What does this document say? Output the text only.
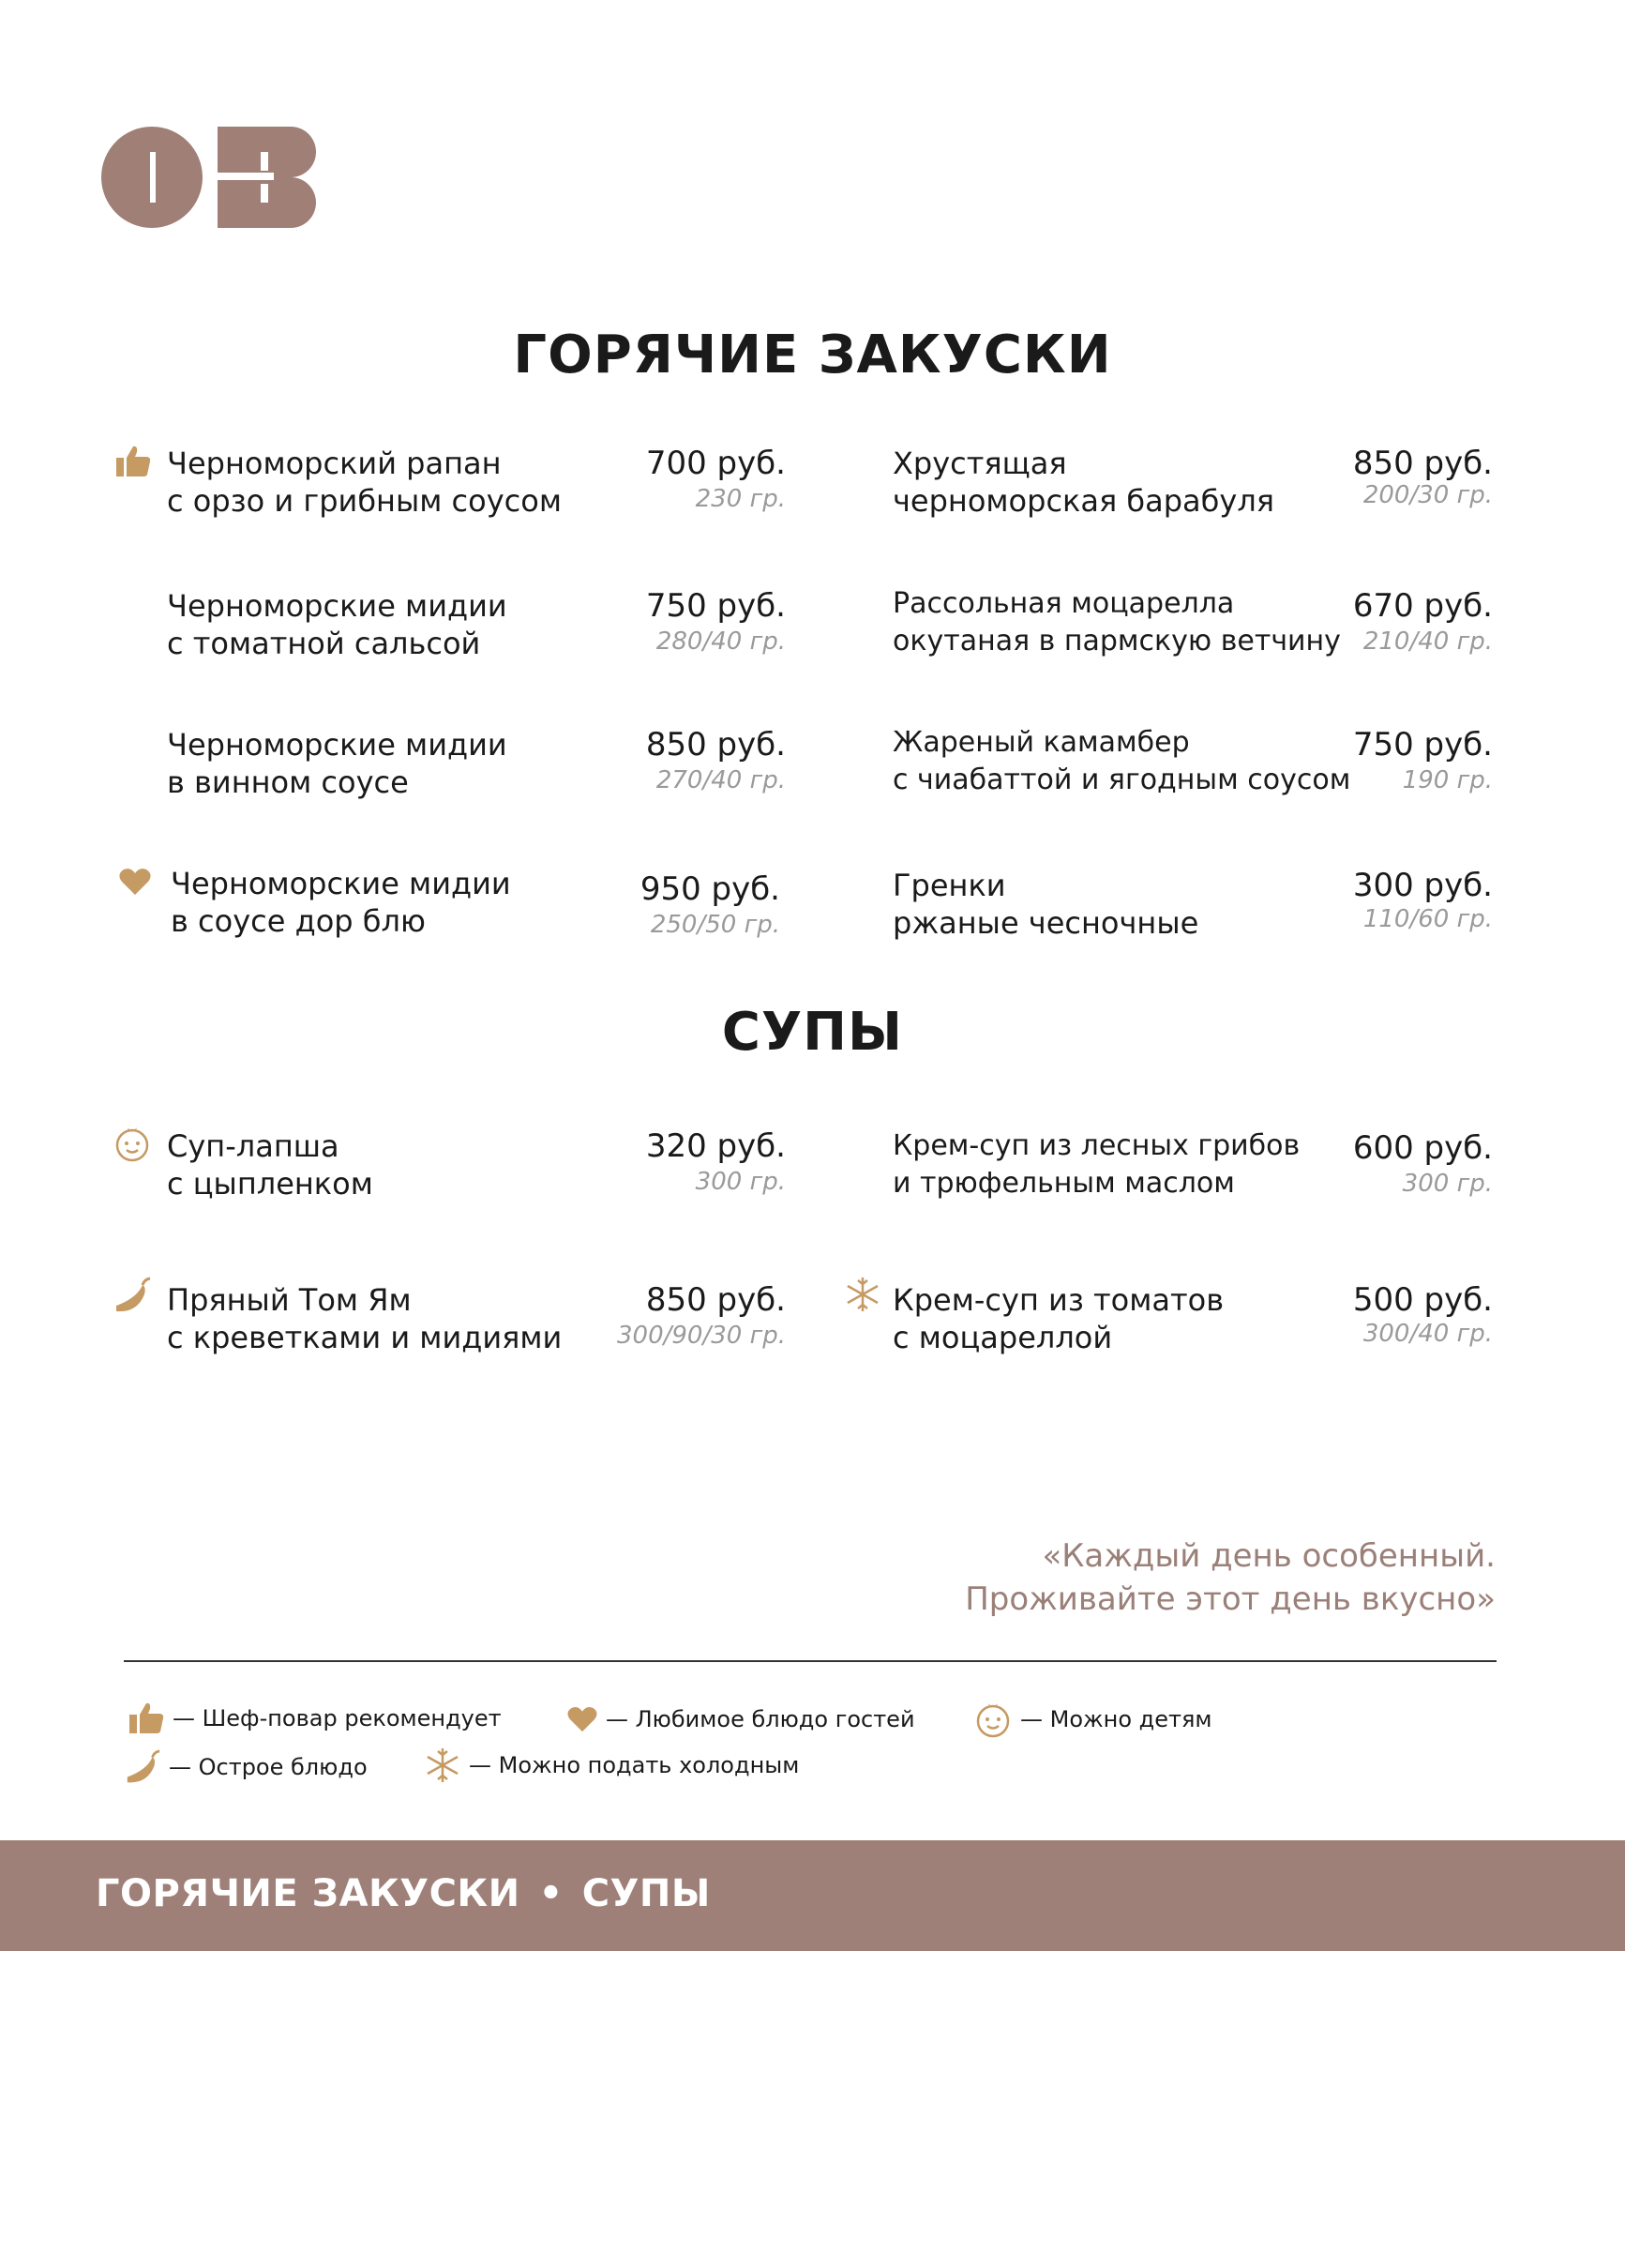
ГОРЯЧИЕ ЗАКУСКИ
Черноморский рапан
с орзо и грибным соусом
700 руб.
230 гр.
Хрустящая
черноморская барабуля
850 руб.
200/30 гр.
Черноморские мидии
с томатной сальсой
750 руб.
280/40 гр.
Рассольная моцарелла
окутаная в пармскую ветчину
670 руб.
210/40 гр.
Черноморские мидии
в винном соусе
850 руб.
270/40 гр.
Жареный камамбер
с чиабаттой и ягодным соусом
750 руб.
190 гр.
Черноморские мидии
в соусе дор блю
950 руб.
250/50 гр.
Гренки
ржаные чесночные
300 руб.
110/60 гр.
СУПЫ
Суп-лапша
с цыпленком
320 руб.
300 гр.
Крем-суп из лесных грибов
и трюфельным маслом
600 руб.
300 гр.
Пряный Том Ям
с креветками и мидиями
850 руб.
300/90/30 гр.
Крем-суп из томатов
с моцареллой
500 руб.
300/40 гр.
«Каждый день особенный.
Проживайте этот день вкусно»
— Шеф-повар рекомендует	— Любимое блюдо гостей	— Можно детям
— Острое блюдо	— Можно подать холодным
ГОРЯЧИЕ ЗАКУСКИ • СУПЫ
